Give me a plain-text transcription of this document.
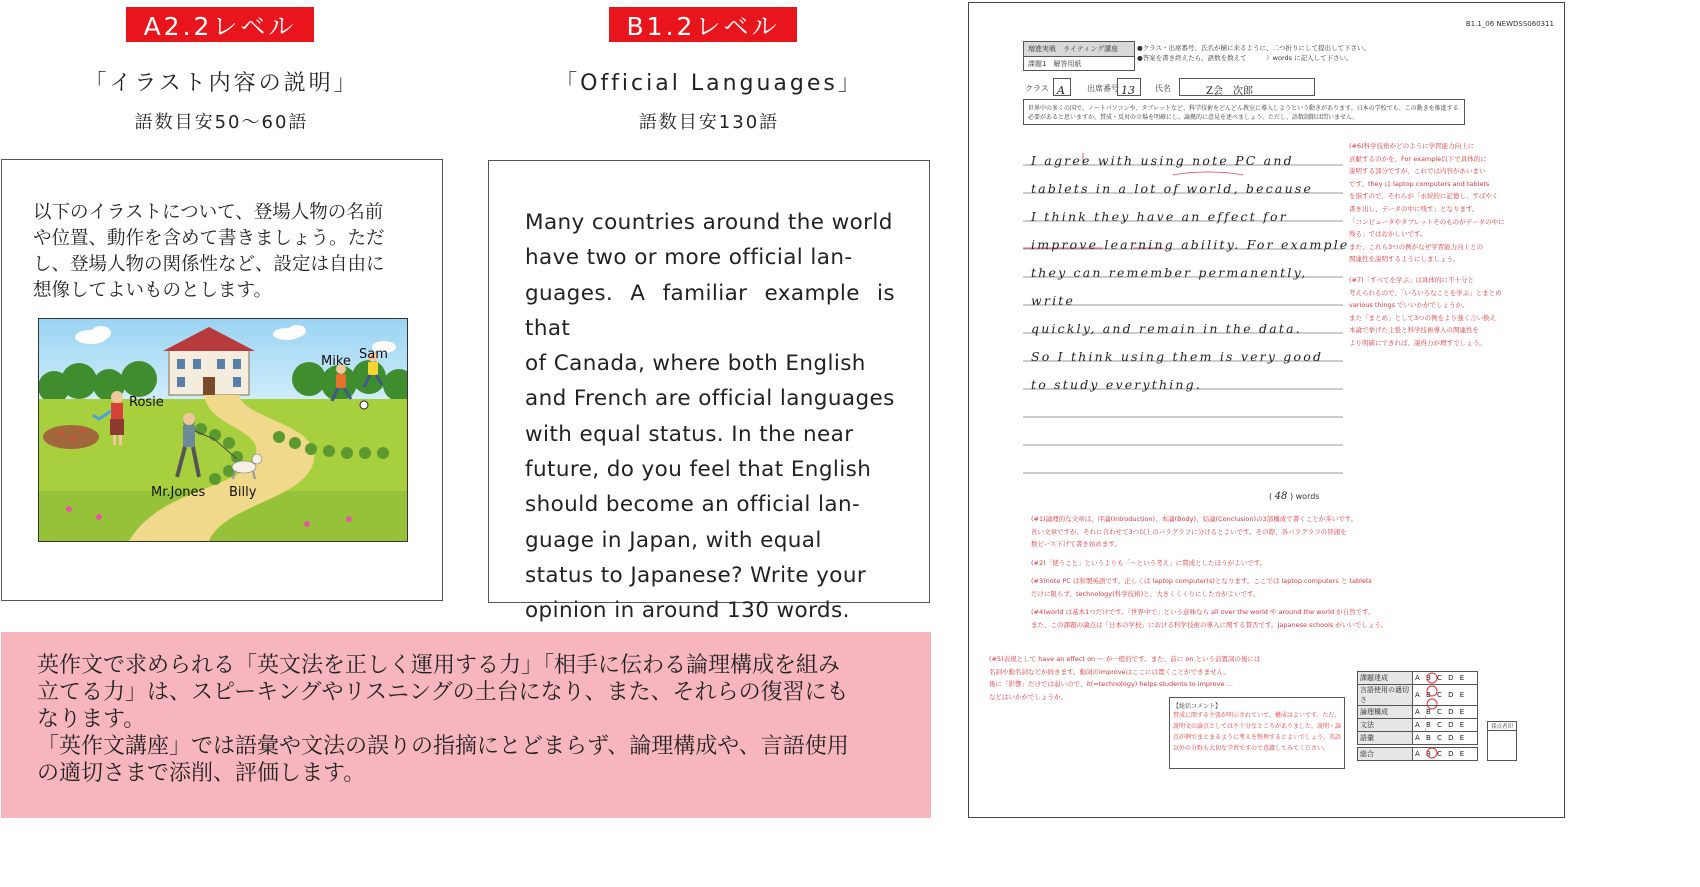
A2.2レベル
「イラスト内容の説明」
語数目安50〜60語
以下のイラストについて、登場人物の名前
や位置、動作を含めて書きましょう。ただ
し、登場人物の関係性など、設定は自由に
想像してよいものとします。
Rosie
Mike Sam
Mr.Jones Billy
B1.2レベル
「Official Languages」
語数目安130語
Many countries around the world
have two or more official lan-
guages. A familiar example is that
of Canada, where both English
and French are official languages
with equal status. In the near
future, do you feel that English
should become an official lan-
guage in Japan, with equal
status to Japanese? Write your
opinion in around 130 words.

英作文で求められる「英文法を正しく運用する力」「相手に伝わる論理構成を組み

立てる力」は、スピーキングやリスニングの土台になり、また、それらの復習にも

なります。

「英作文講座」では語彙や文法の誤りの指摘にとどまらず、論理構成や、言語使用

の適切さまで添削、評価します。

B1.1_06 NEWDSS060311
増進実戦　ライティング講座
課題1　解答用紙
●クラス・出席番号、氏名が横に来るように、二つ折りにして提出して下さい。
●答案を書き終えたら、語数を数えて　　　）words に記入して下さい。
クラス A	出席番号 13	氏名	Z会　次郎
世界中の多くの国で、ノートパソコンや、タブレットなど、科学技術をどんどん教室に導入しようという動きがあります。日本の学校でも、この動きを推進する必要があると思いますか。賛成・反対の立場を明確にし、論拠的に意見を述べましょう。ただし、語数制限は問いません。
I agree with using note PC and
tablets in a lot of world, because
I think they have an effect for
improve learning ability. For example
they can remember permanently, write
quickly, and remain in the data.
So I think using them is very good
to study everything.
( 48 ) words
(#6)科学技術がどのように学習能力向上に
貢献するのかを、For example以下で具体的に
説明する部分ですが、これでは内容があいまい
です。they は laptop computers and tablets
を指すので、それらが「永続的に記憶し、すばやく
書き出し、データの中に残す」となります。
「コンピュータやタブレットそのものがデータの中に
残る」ではおかしいです。
また、これら3つの例がなぜ学習能力向上との
関連性を説明するようにしましょう。
(#7)「すべてを学ぶ」は具体的に不十分と
考えられるので、「いろいろなことを学ぶ」とまとめ
various things でいいかがでしょうか。
また「まとめ」として3つの例をより強く言い換え
本論で挙げた主張と科学技術導入の関連性を
より明確にできれば、説得力が増すでしょう。
(#1)論理的な文章は、序論(Introduction)、本論(Body)、結論(Conclusion)の3部構成で書くことが多いです。
長い文章ですが、それに合わせて3つ以上のパラグラフに分けるとよいです。その際、各パラグラフの冒頭を
数ピース下げて書き始めます。
(#2)「使うこと」というよりも「〜という考え」に賛成としたほうがよいです。
(#3)note PC は和製英語です。正しくは laptop computer(s)となります。ここでは laptop computers と tablets
だけに限らず、technology(科学技術)と、大きくくくりにした方がよいです。
(#4)world は基本1つだけです。「世界中で」という意味なら all over the world や around the world が自然です。
また、この課題の論点は「日本の学校」における科学技術の導入に関する賛否です。Japanese schools がいいでしょう。
(#5)表現として have an effect on 〜 が一般的です。また、前に on という前置詞の後には
名詞や動名詞などが続きます。動詞のimproveはここには置くことができません。
後に「影響」だけでは弱いので、it(=technology) helps students to improve …
などはいかがでしょうか。
【総括コメント】
賛成に関する主張が明示されていて、構成はよいです。ただ、説明文の論点としては不十分なところがありました。説明・論点が例でまとまるように考えを整理するとよいでしょう。英語以外の分野も大切な学習ですので意識してみてください。
課題達成	A B C D E
言語使用の適切さ	A B C D E
論理構成	A B C D E
文法	A B C D E
語彙	A B C D E
総合	A B C D E
採点者印
